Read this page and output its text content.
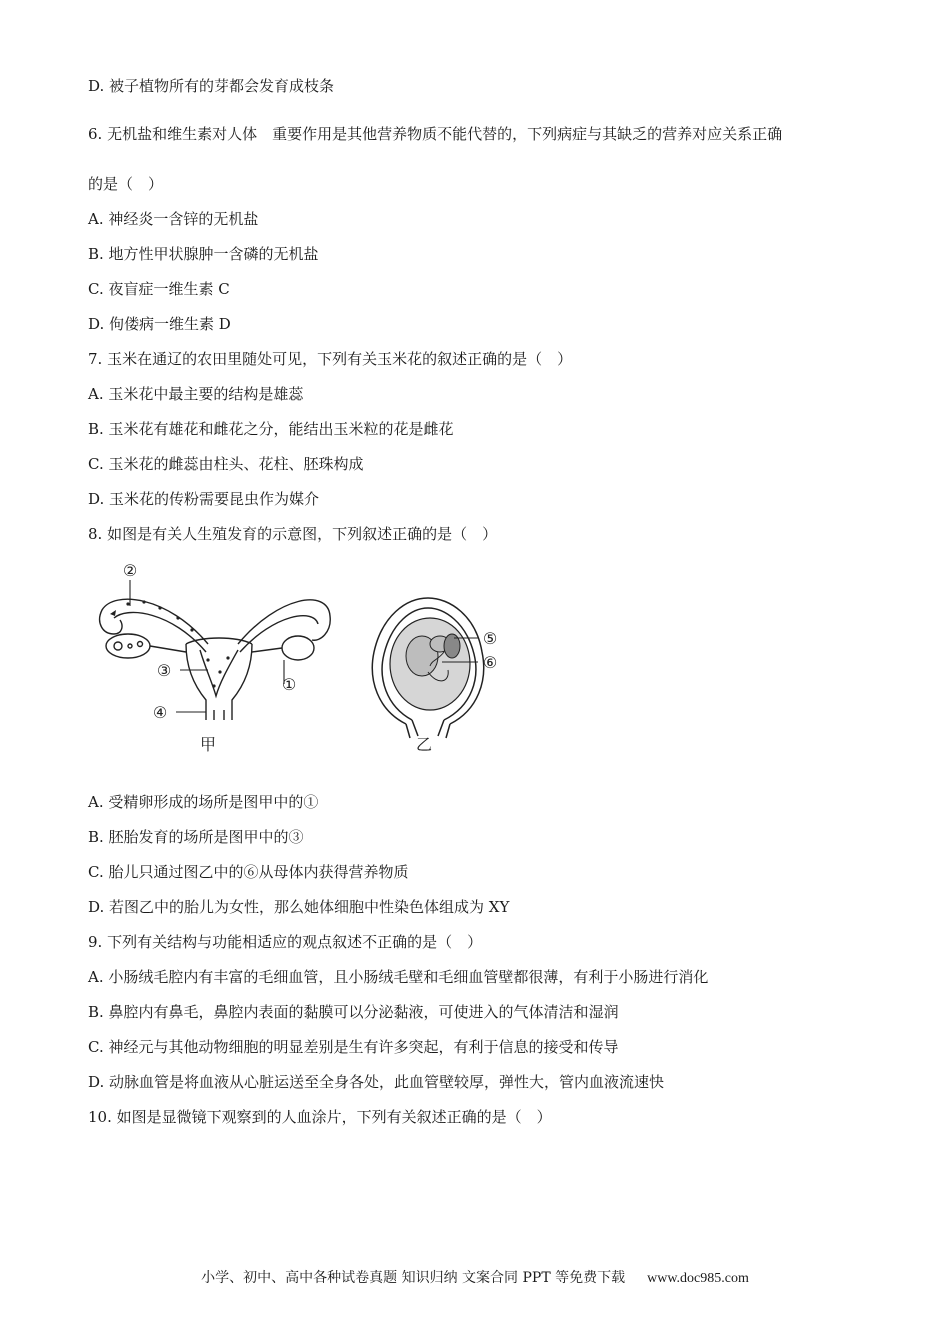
D. 被子植物所有的芽都会发育成枝条
6. 无机盐和维生素对人体　重要作用是其他营养物质不能代替的，下列病症与其缺乏的营养对应关系正确
的是（　）
A. 神经炎一含锌的无机盐
B. 地方性甲状腺肿一含磷的无机盐
C. 夜盲症一维生素 C
D. 佝偻病一维生素 D
7. 玉米在通辽的农田里随处可见，下列有关玉米花的叙述正确的是（　）
A. 玉米花中最主要的结构是雄蕊
B. 玉米花有雄花和雌花之分，能结出玉米粒的花是雌花
C. 玉米花的雌蕊由柱头、花柱、胚珠构成
D. 玉米花的传粉需要昆虫作为媒介
8. 如图是有关人生殖发育的示意图，下列叙述正确的是（　）
②
③
①
④
甲
⑤
⑥
乙
A. 受精卵形成的场所是图甲中的①
B. 胚胎发育的场所是图甲中的③
C. 胎儿只通过图乙中的⑥从母体内获得营养物质
D. 若图乙中的胎儿为女性，那么她体细胞中性染色体组成为 XY
9. 下列有关结构与功能相适应的观点叙述不正确的是（　）
A. 小肠绒毛腔内有丰富的毛细血管，且小肠绒毛壁和毛细血管壁都很薄，有利于小肠进行消化
B. 鼻腔内有鼻毛，鼻腔内表面的黏膜可以分泌黏液，可使进入的气体清洁和湿润
C. 神经元与其他动物细胞的明显差别是生有许多突起，有利于信息的接受和传导
D. 动脉血管是将血液从心脏运送至全身各处，此血管壁较厚，弹性大，管内血液流速快
10. 如图是显微镜下观察到的人血涂片，下列有关叙述正确的是（　）
小学、初中、高中各种试卷真题 知识归纳 文案合同 PPT 等免费下载 www.doc985.com
